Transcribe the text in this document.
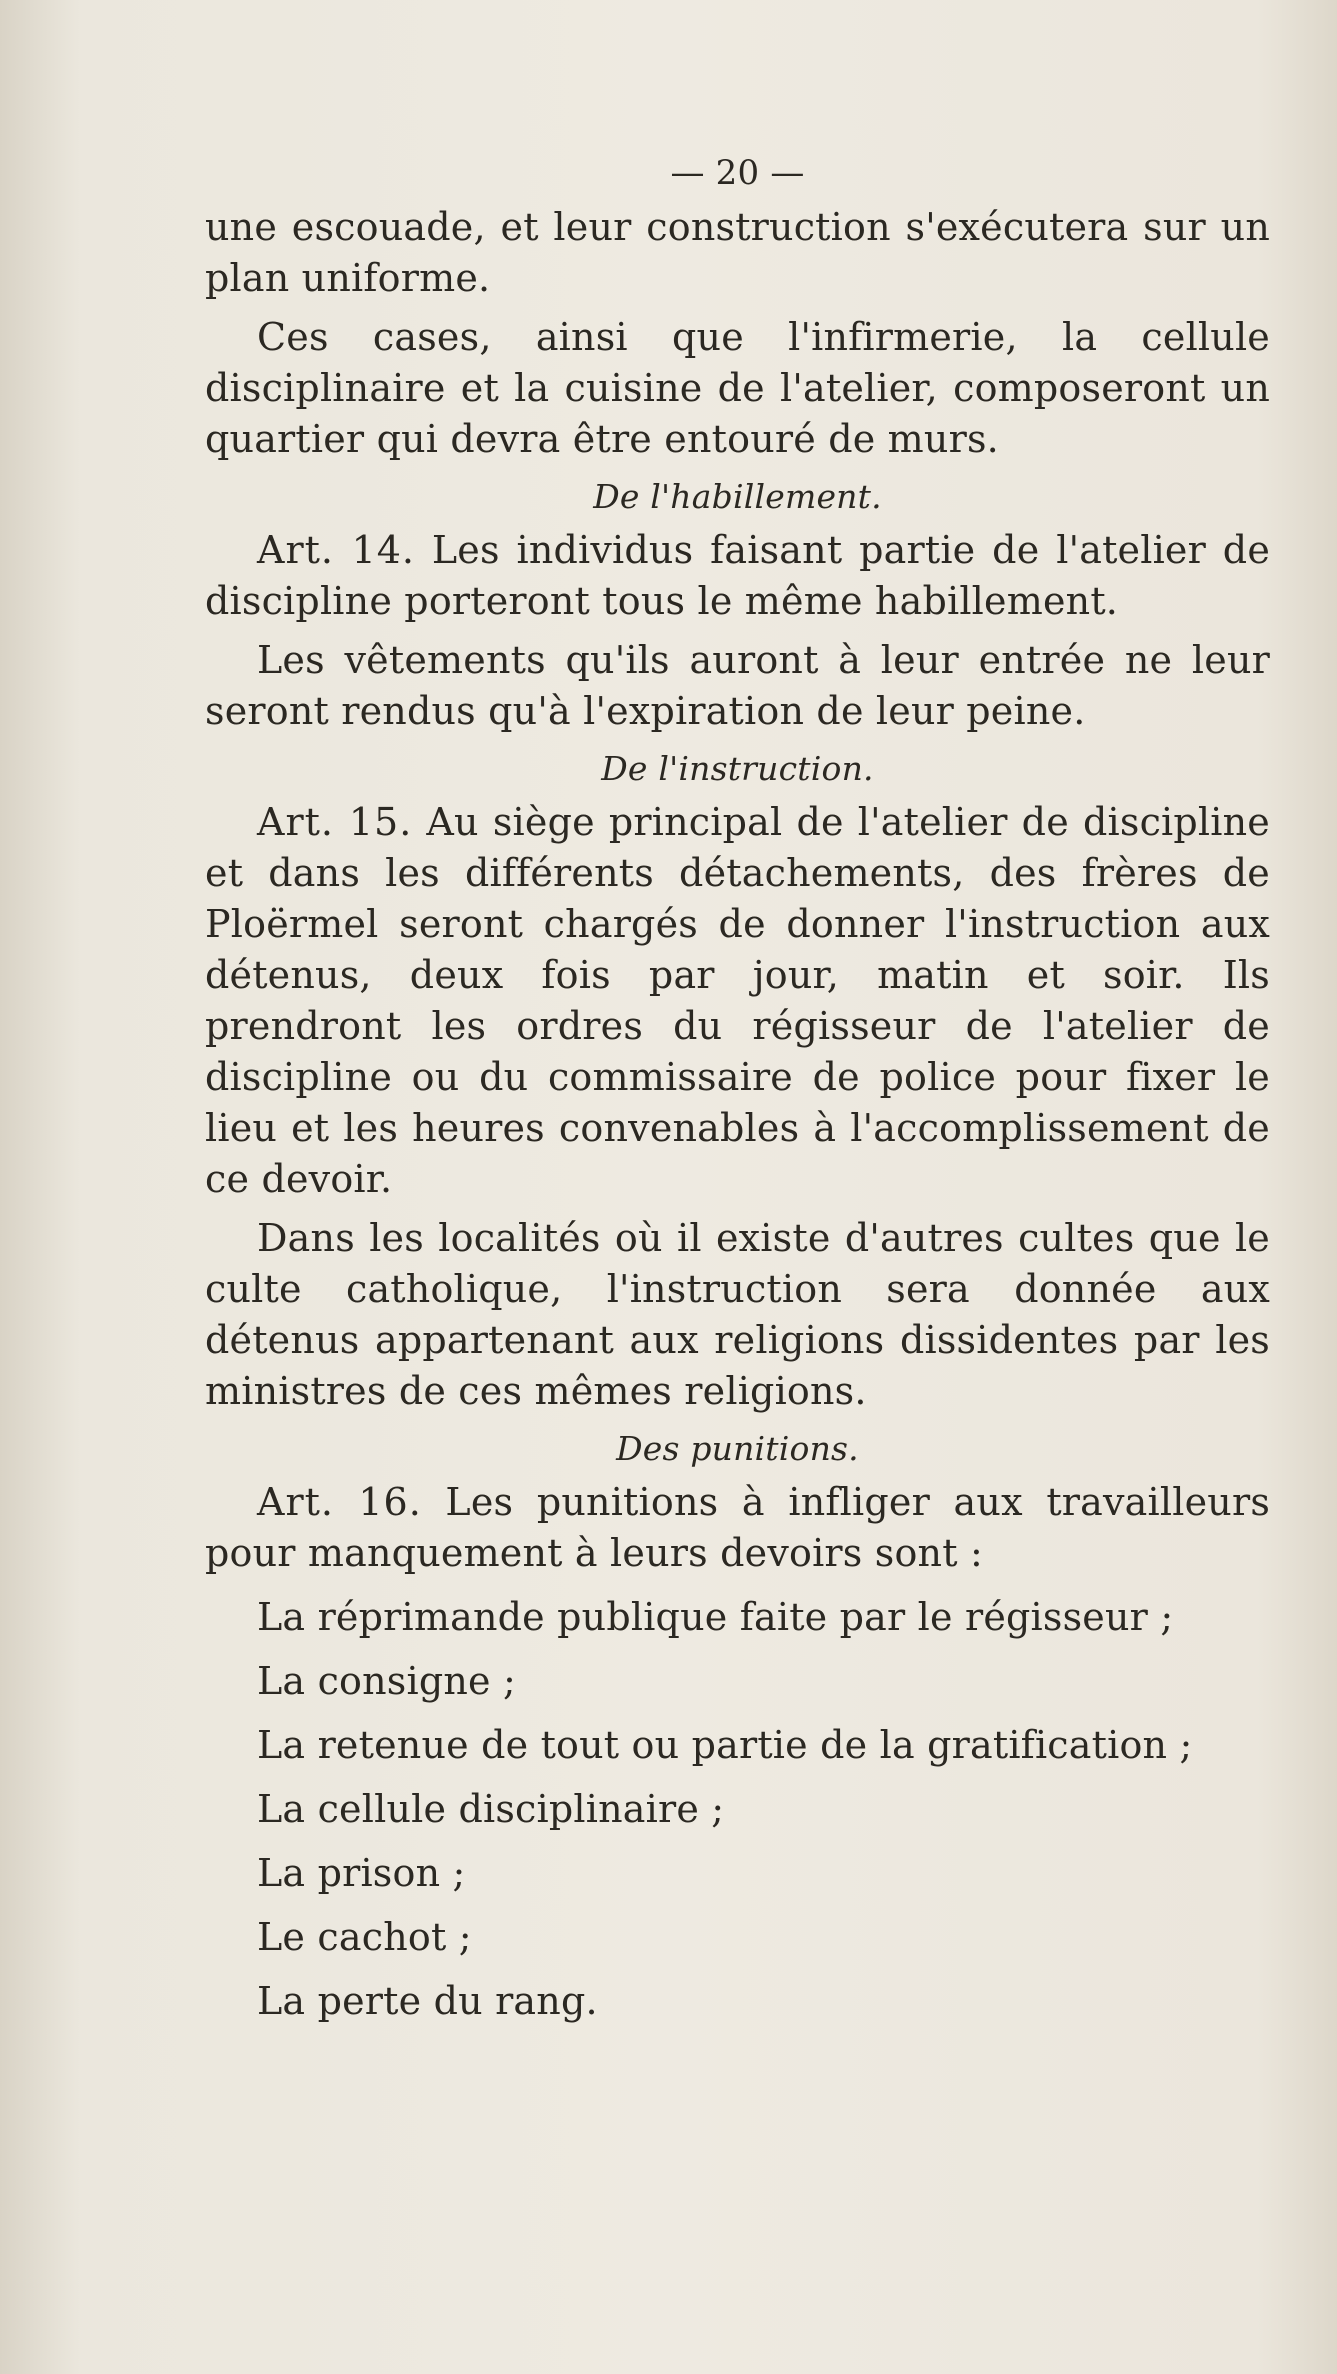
— 20 —

une escouade, et leur construction s'exécutera sur un plan uniforme.

Ces cases, ainsi que l'infirmerie, la cellule disciplinaire et la cuisine de l'atelier, composeront un quartier qui devra être entouré de murs.

De l'habillement.

Art. 14. Les individus faisant partie de l'atelier de discipline porteront tous le même habillement.

Les vêtements qu'ils auront à leur entrée ne leur seront rendus qu'à l'expiration de leur peine.

De l'instruction.

Art. 15. Au siège principal de l'atelier de discipline et dans les différents détachements, des frères de Ploërmel seront chargés de donner l'instruction aux détenus, deux fois par jour, matin et soir. Ils prendront les ordres du régisseur de l'atelier de discipline ou du commissaire de police pour fixer le lieu et les heures convenables à l'accomplissement de ce devoir.

Dans les localités où il existe d'autres cultes que le culte catholique, l'instruction sera donnée aux détenus appartenant aux religions dissidentes par les ministres de ces mêmes religions.

Des punitions.

Art. 16. Les punitions à infliger aux travailleurs pour manquement à leurs devoirs sont :

La réprimande publique faite par le régisseur ;
La consigne ;
La retenue de tout ou partie de la gratification ;
La cellule disciplinaire ;
La prison ;
Le cachot ;
La perte du rang.
